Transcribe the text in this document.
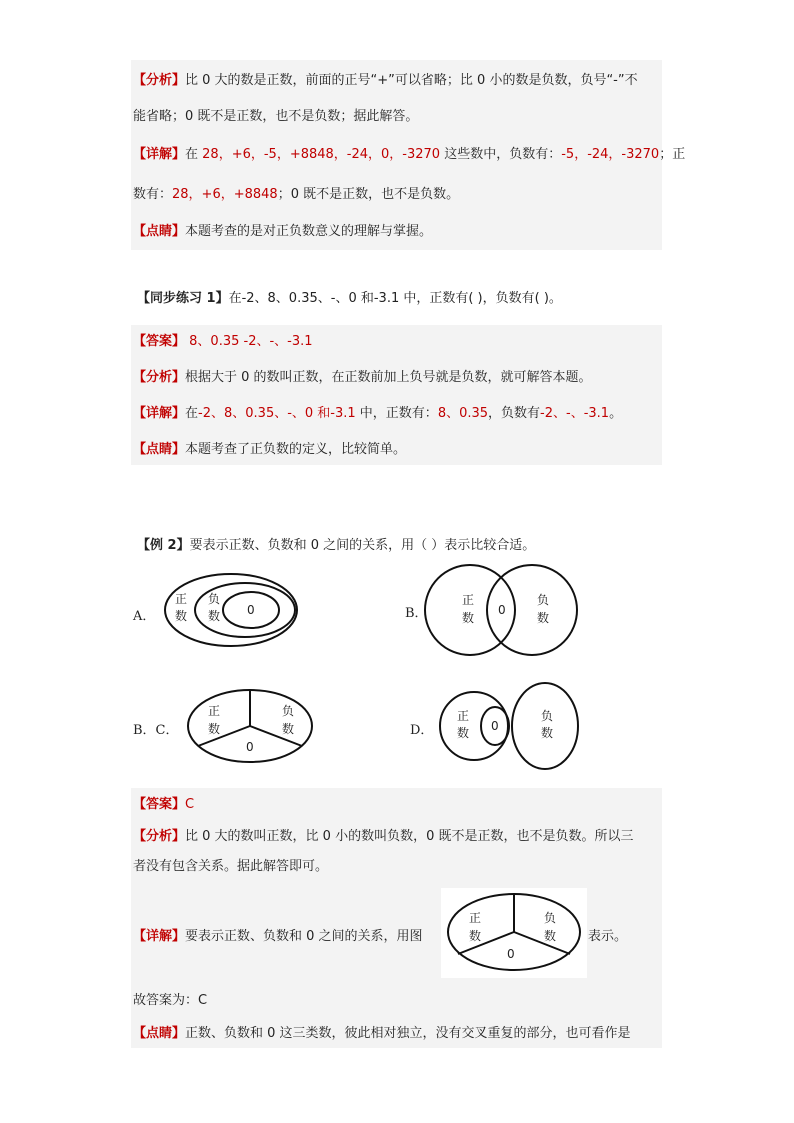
【分析】比 0 大的数是正数，前面的正号“+”可以省略；比 0 小的数是负数，负号“-”不
能省略；0 既不是正数，也不是负数；据此解答。
【详解】在 28，+6，-5，+8848，-24，0，-3270 这些数中，负数有：-5，-24，-3270；正
数有：28，+6，+8848；0 既不是正数，也不是负数。
【点睛】本题考查的是对正负数意义的理解与掌握。
【同步练习 1】在-2、8、0.35、-、0 和-3.1 中，正数有( )，负数有( )。
【答案】 8、0.35 -2、-、-3.1
【分析】根据大于 0 的数叫正数，在正数前加上负号就是负数，就可解答本题。
【详解】在-2、8、0.35、-、0 和-3.1 中，正数有：8、0.35，负数有-2、-、-3.1。
【点睛】本题考查了正负数的定义，比较简单。
【例 2】要表示正数、负数和 0 之间的关系，用（ ）表示比较合适。
A．
正
数
负
数 0	B．
正
数
0
负
数
B．C．
正
数
负
数
0
D．
正
数 0
负
数
【答案】C
【分析】比 0 大的数叫正数，比 0 小的数叫负数，0 既不是正数，也不是负数。所以三
者没有包含关系。据此解答即可。
【详解】要表示正数、负数和 0 之间的关系，用图
正
数
负
数
0
表示。
故答案为：C
【点睛】正数、负数和 0 这三类数，彼此相对独立，没有交叉重复的部分，也可看作是
